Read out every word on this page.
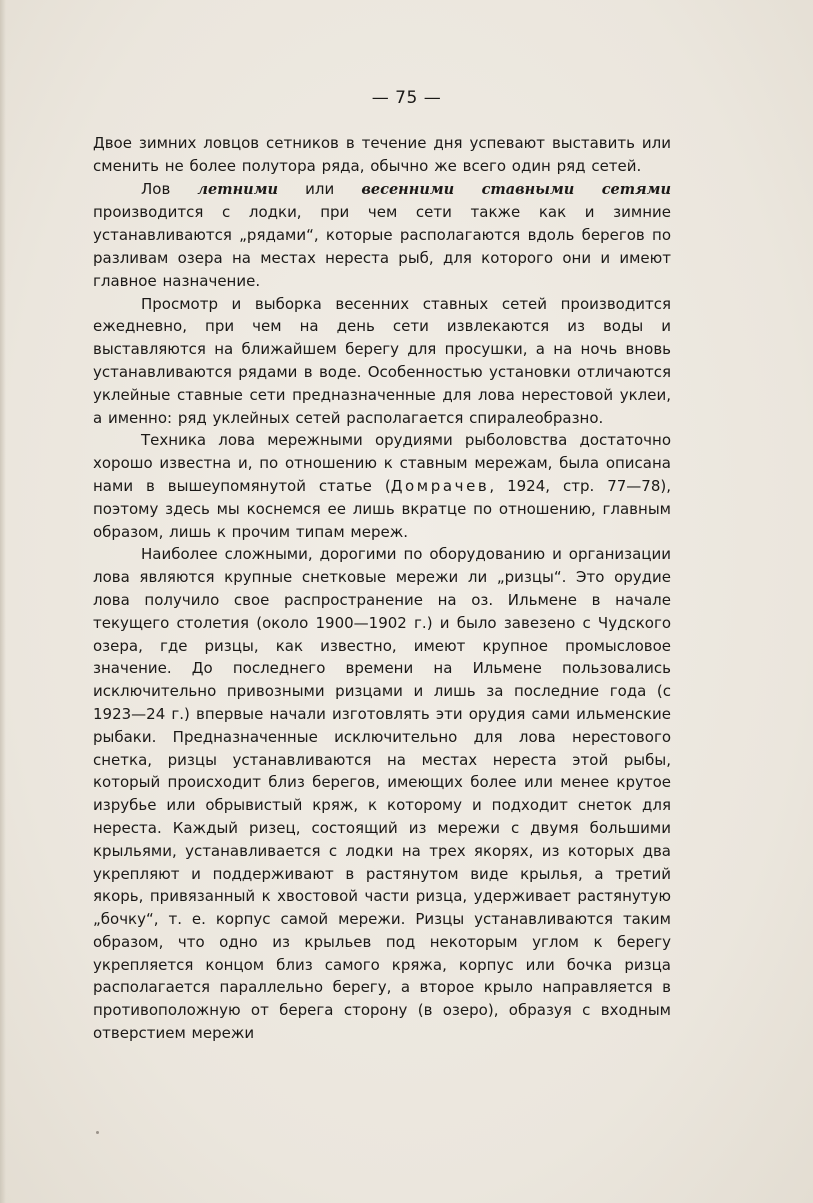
— 75 —

Двое зимних ловцов сетников в течение дня успевают выставить или сменить не более полутора ряда, обычно же всего один ряд сетей.

Лов летними или весенними ставными сетями производится с лодки, при чем сети также как и зимние устанавливаются „рядами“, которые располагаются вдоль берегов по разливам озера на местах нереста рыб, для которого они и имеют главное назначение.

Просмотр и выборка весенних ставных сетей производится ежедневно, при чем на день сети извлекаются из воды и выставляются на ближайшем берегу для просушки, а на ночь вновь устанавливаются рядами в воде. Особенностью установки отличаются уклейные ставные сети предназначенные для лова нерестовой уклеи, а именно: ряд уклейных сетей располагается спиралеобразно.

Техника лова мережными орудиями рыболовства достаточно хорошо известна и, по отношению к ставным мережам, была описана нами в вышеупомянутой статье (Домрачев, 1924, стр. 77—78), поэтому здесь мы коснемся ее лишь вкратце по отношению, главным образом, лишь к прочим типам мереж.

Наиболее сложными, дорогими по оборудованию и организации лова являются крупные снетковые мережи ли „ризцы“. Это орудие лова получило свое распространение на оз. Ильмене в начале текущего столетия (около 1900—1902 г.) и было завезено с Чудского озера, где ризцы, как известно, имеют крупное промысловое значение. До последнего времени на Ильмене пользовались исключительно привозными ризцами и лишь за последние года (с 1923—24 г.) впервые начали изготовлять эти орудия сами ильменские рыбаки. Предназначенные исключительно для лова нерестового снетка, ризцы устанавливаются на местах нереста этой рыбы, который происходит близ берегов, имеющих более или менее крутое изрубье или обрывистый кряж, к которому и подходит снеток для нереста. Каждый ризец, состоящий из мережи с двумя большими крыльями, устанавливается с лодки на трех якорях, из которых два укрепляют и поддерживают в растянутом виде крылья, а третий якорь, привязанный к хвостовой части ризца, удерживает растянутую „бочку“, т. е. корпус самой мережи. Ризцы устанавливаются таким образом, что одно из крыльев под некоторым углом к берегу укрепляется концом близ самого кряжа, корпус или бочка ризца располагается параллельно берегу, а второе крыло направляется в противоположную от берега сторону (в озеро), образуя с входным отверстием мережи
